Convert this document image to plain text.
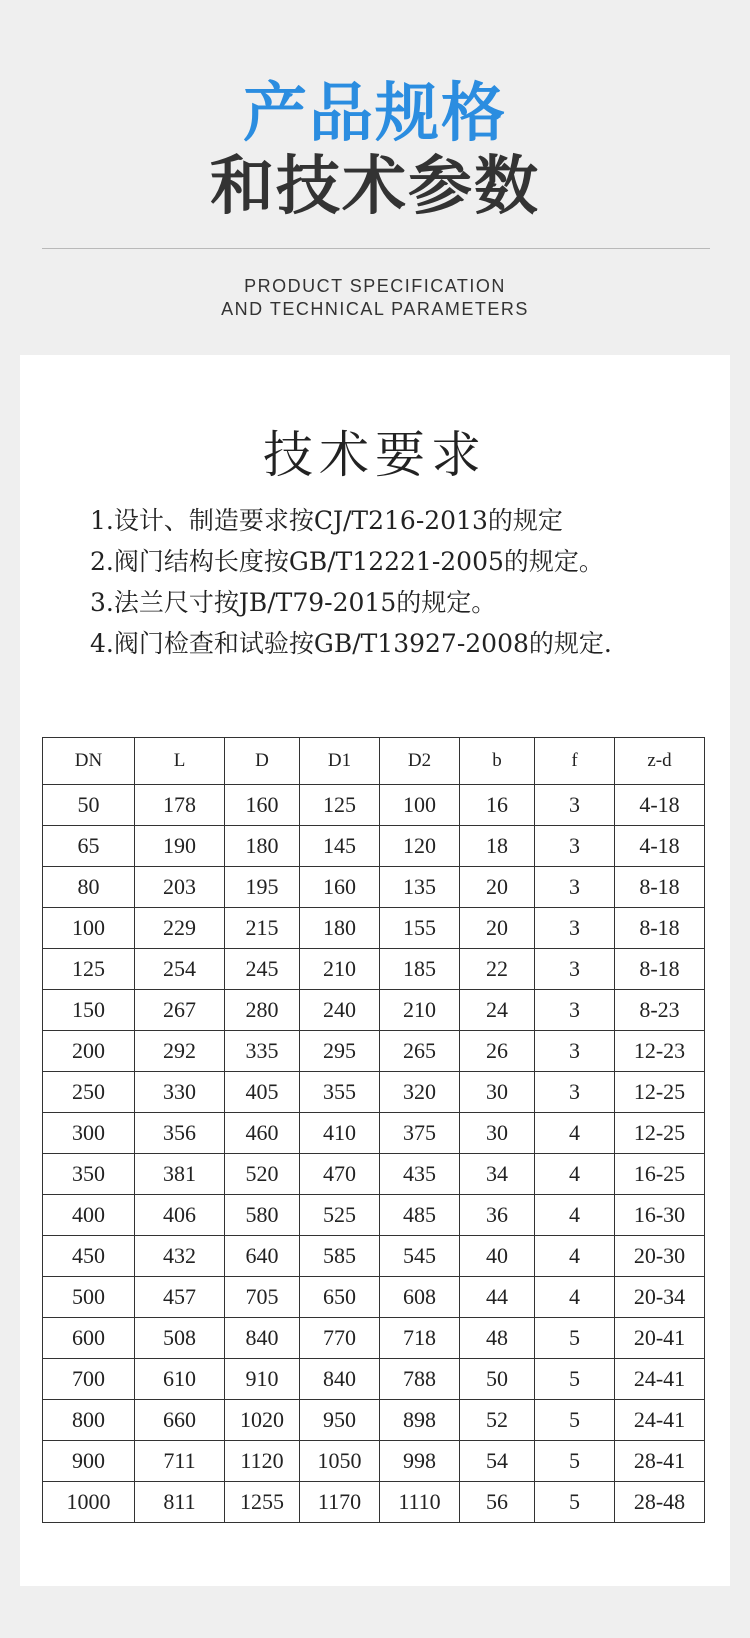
产品规格
和技术参数
PRODUCT SPECIFICATION
AND TECHNICAL PARAMETERS
技术要求
1.设计、制造要求按CJ/T216-2013的规定
2.阀门结构长度按GB/T12221-2005的规定。
3.法兰尺寸按JB/T79-2015的规定。
4.阀门检查和试验按GB/T13927-2008的规定.
DN	L	D	D1	D2	b	f	z-d
50	178	160	125	100	16	3	4-18
65	190	180	145	120	18	3	4-18
80	203	195	160	135	20	3	8-18
100	229	215	180	155	20	3	8-18
125	254	245	210	185	22	3	8-18
150	267	280	240	210	24	3	8-23
200	292	335	295	265	26	3	12-23
250	330	405	355	320	30	3	12-25
300	356	460	410	375	30	4	12-25
350	381	520	470	435	34	4	16-25
400	406	580	525	485	36	4	16-30
450	432	640	585	545	40	4	20-30
500	457	705	650	608	44	4	20-34
600	508	840	770	718	48	5	20-41
700	610	910	840	788	50	5	24-41
800	660	1020	950	898	52	5	24-41
900	711	1120	1050	998	54	5	28-41
1000	811	1255	1170	1110	56	5	28-48
